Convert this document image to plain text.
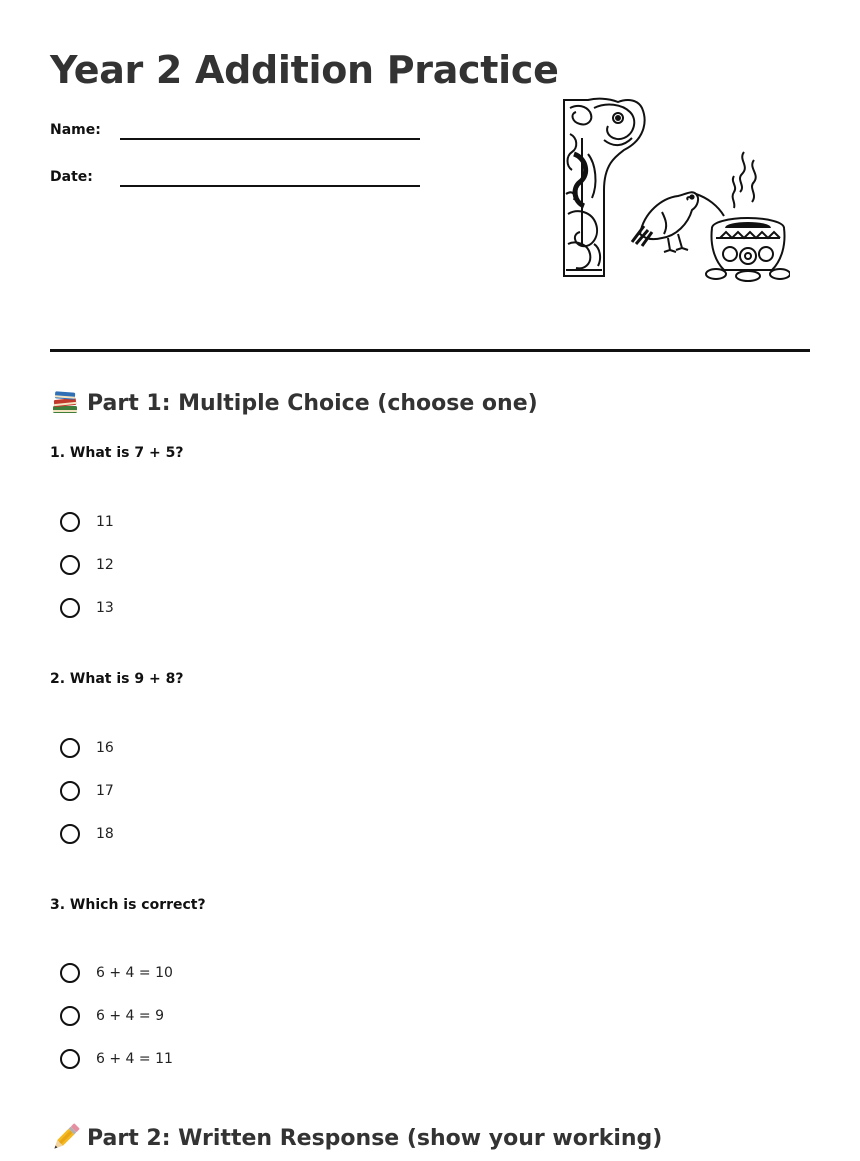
Year 2 Addition Practice
Name:
Date:
Part 1: Multiple Choice (choose one)
1. What is 7 + 5?
11
12
13
2. What is 9 + 8?
16
17
18
3. Which is correct?
6 + 4 = 10
6 + 4 = 9
6 + 4 = 11
Part 2: Written Response (show your working)
